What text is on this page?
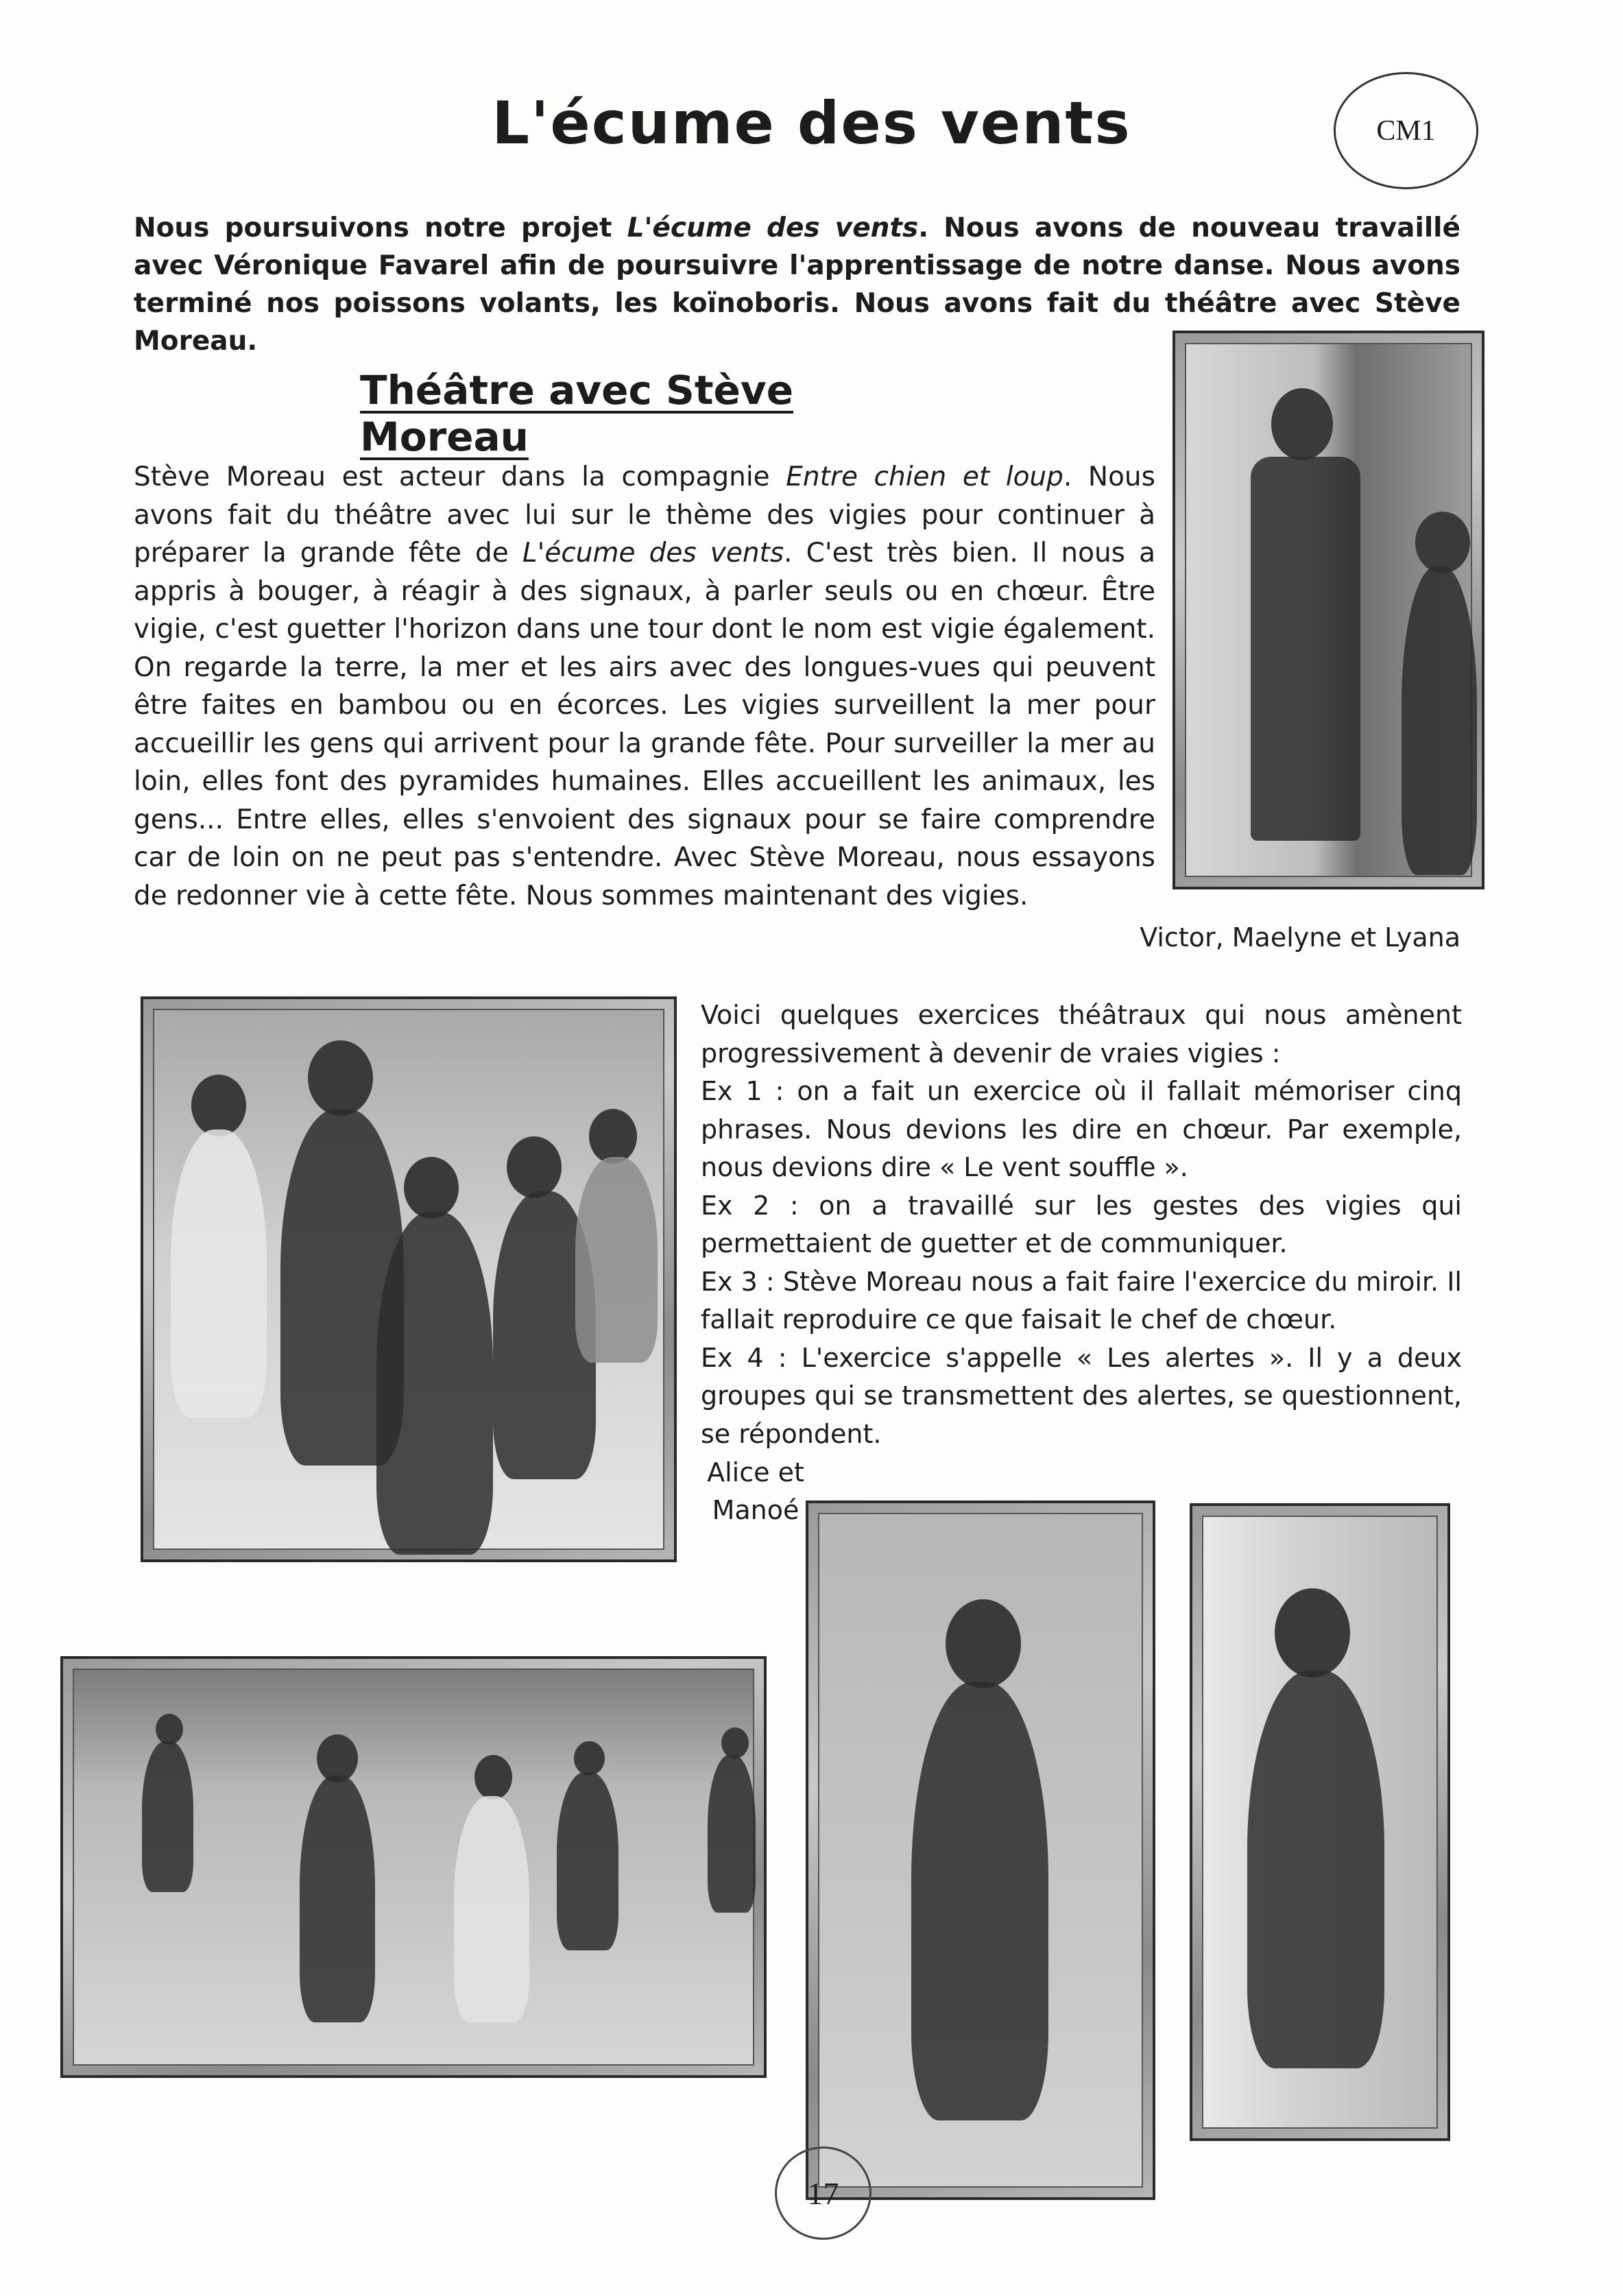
L'écume des vents	CM1
Nous poursuivons notre projet L'écume des vents. Nous avons de nouveau travaillé avec Véronique Favarel afin de poursuivre l'apprentissage de notre danse. Nous avons terminé nos poissons volants, les koïnoboris. Nous avons fait du théâtre avec Stève Moreau.
Théâtre avec Stève Moreau
Stève Moreau est acteur dans la compagnie Entre chien et loup. Nous avons fait du théâtre avec lui sur le thème des vigies pour continuer à préparer la grande fête de L'écume des vents. C'est très bien. Il nous a appris à bouger, à réagir à des signaux, à parler seuls ou en chœur. Être vigie, c'est guetter l'horizon dans une tour dont le nom est vigie également. On regarde la terre, la mer et les airs avec des longues-vues qui peuvent être faites en bambou ou en écorces. Les vigies surveillent la mer pour accueillir les gens qui arrivent pour la grande fête. Pour surveiller la mer au loin, elles font des pyramides humaines. Elles accueillent les animaux, les gens... Entre elles, elles s'envoient des signaux pour se faire comprendre car de loin on ne peut pas s'entendre. Avec Stève Moreau, nous essayons de redonner vie à cette fête. Nous sommes maintenant des vigies.
Victor, Maelyne et Lyana

Voici quelques exercices théâtraux qui nous amènent progressivement à devenir de vraies vigies :

Ex 1 : on a fait un exercice où il fallait mémoriser cinq phrases. Nous devions les dire en chœur. Par exemple, nous devions dire « Le vent souffle ».

Ex 2 : on a travaillé sur les gestes des vigies qui permettaient de guetter et de communiquer.

Ex 3 : Stève Moreau nous a fait faire l'exercice du miroir. Il fallait reproduire ce que faisait le chef de chœur.

Ex 4 : L'exercice s'appelle « Les alertes ». Il y a deux groupes qui se transmettent des alertes, se questionnent, se répondent.

Alice et
Manoé
17
